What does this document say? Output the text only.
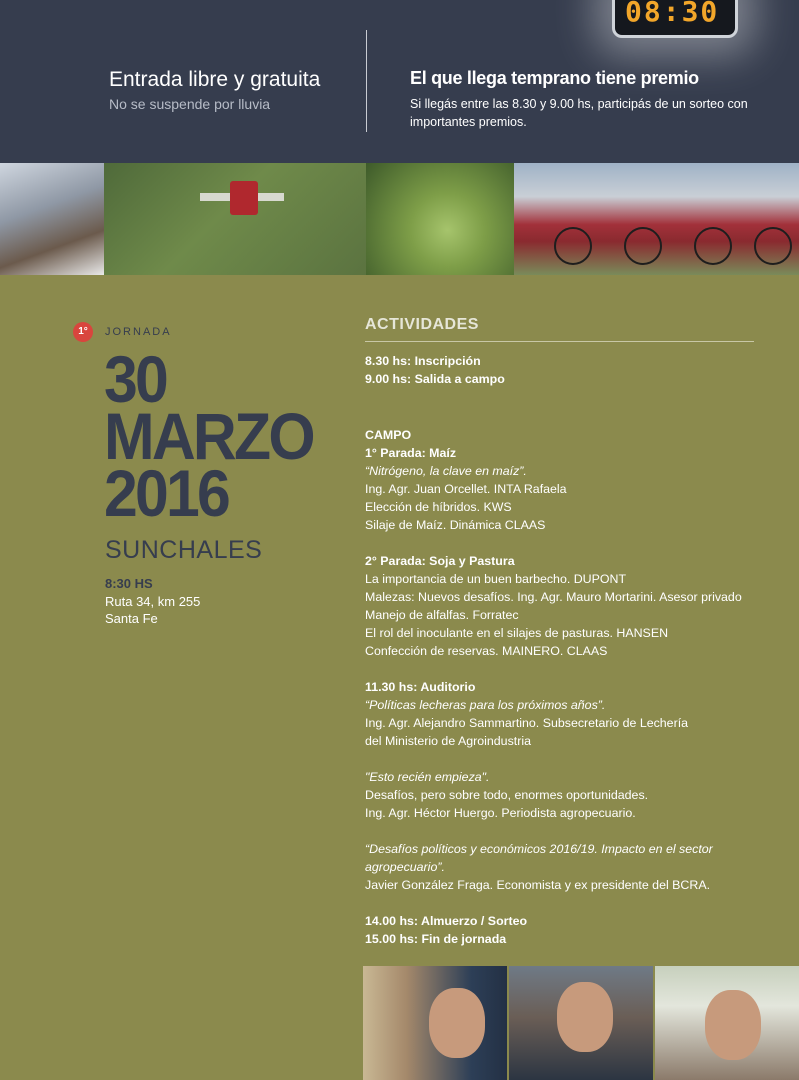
08:30
Entrada libre y gratuita
No se suspende por lluvia
El que llega temprano tiene premio
Si llegás entre las 8.30 y 9.00 hs, participás de un sorteo con importantes premios.
1°	JORNADA
30
MARZO
2016
SUNCHALES
8:30 HS
Ruta 34, km 255
Santa Fe
ACTIVIDADES
8.30 hs: Inscripción
9.00 hs: Salida a campo
CAMPO
1° Parada: Maíz
“Nitrógeno, la clave en maíz”.
Ing. Agr. Juan Orcellet. INTA Rafaela
Elección de híbridos. KWS
Silaje de Maíz. Dinámica CLAAS
2° Parada: Soja y Pastura
La importancia de un buen barbecho. DUPONT
Malezas: Nuevos desafíos. Ing. Agr. Mauro Mortarini. Asesor privado
Manejo de alfalfas. Forratec
El rol del inoculante en el silajes de pasturas. HANSEN
Confección de reservas. MAINERO. CLAAS
11.30 hs: Auditorio
“Políticas lecheras para los próximos años”.
Ing. Agr. Alejandro Sammartino. Subsecretario de Lechería
del Ministerio de Agroindustria
"Esto recién empieza".
Desafíos, pero sobre todo, enormes oportunidades.
Ing. Agr. Héctor Huergo. Periodista agropecuario.
“Desafíos políticos y económicos 2016/19. Impacto en el sector
agropecuario”.
Javier González Fraga. Economista y ex presidente del BCRA.
14.00 hs: Almuerzo / Sorteo
15.00 hs: Fin de jornada
